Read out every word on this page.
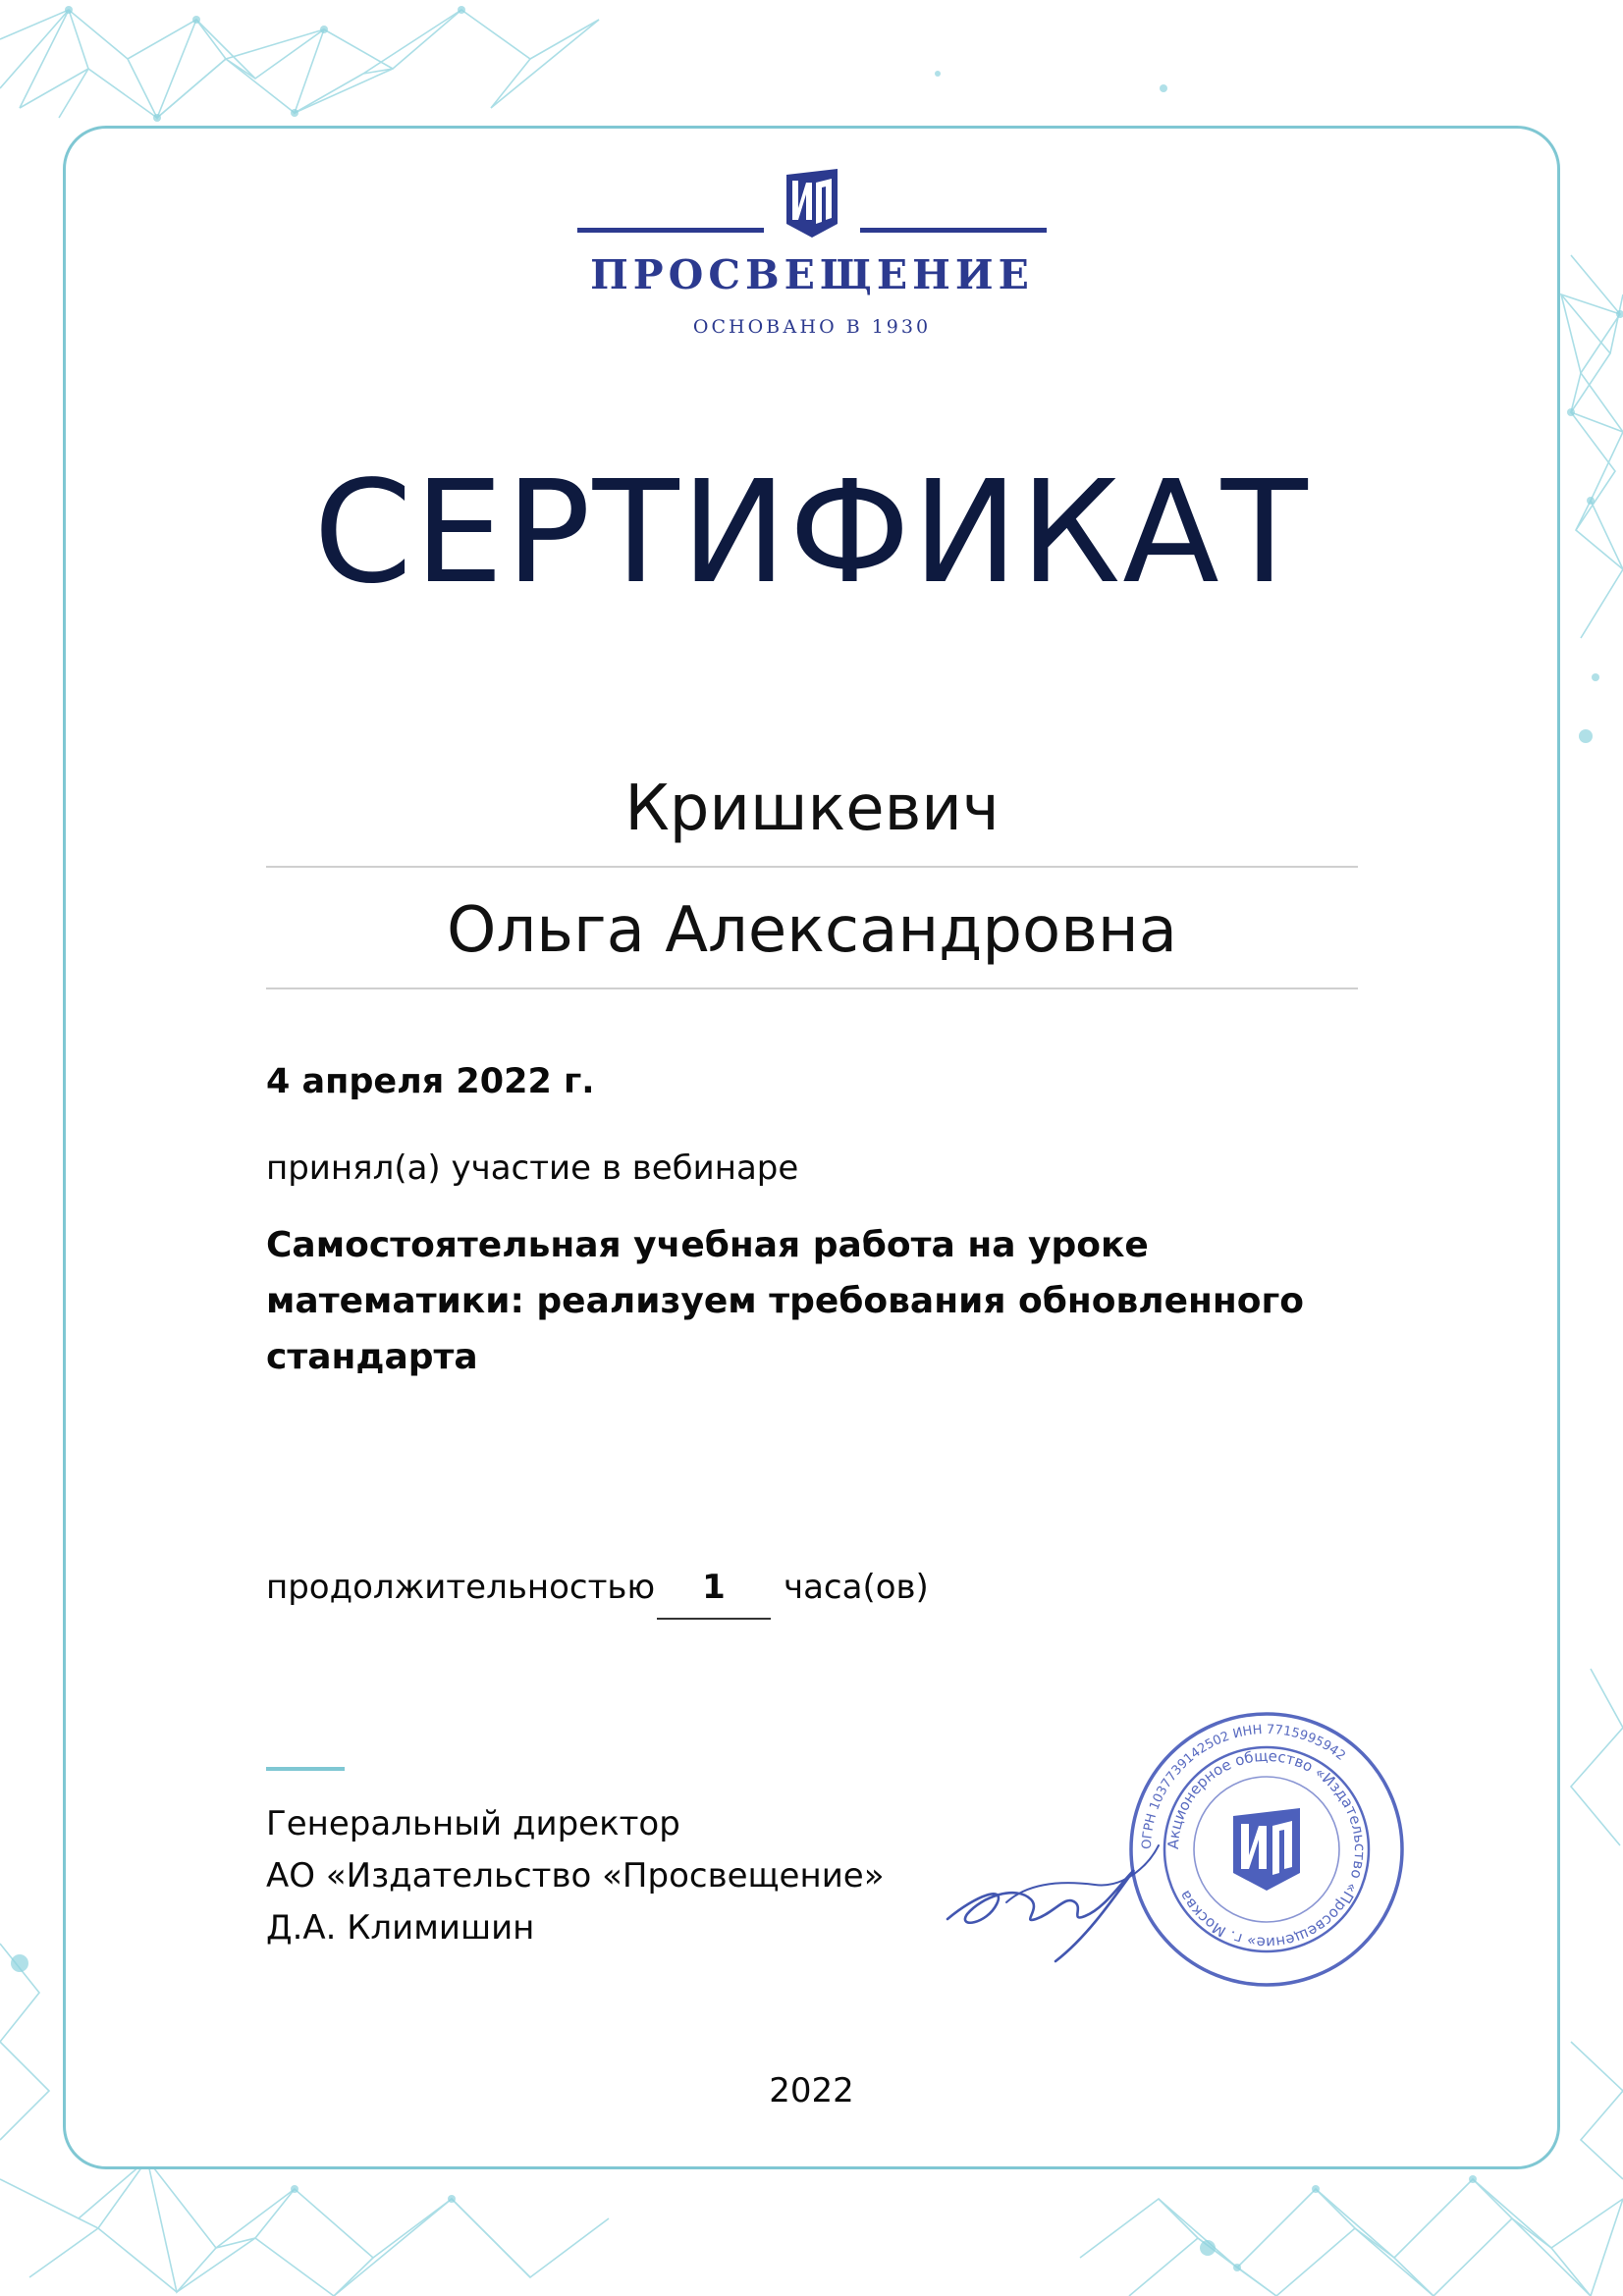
ПРОСВЕЩЕНИЕ
ОСНОВАНО В 1930
СЕРТИФИКАТ
Кришкевич
Ольга Александровна
4 апреля 2022 г.
принял(а) участие в вебинаре
Самостоятельная учебная работа на уроке математики: реализуем требования обновленного стандарта
продолжительностью	1	часа(ов)
Генеральный директор
АО «Издательство «Просвещение»
Д.А. Климишин
ОГРН 1037739142502 ИНН 7715995942
Акционерное общество «Издательство «Просвещение» г. Москва
2022
